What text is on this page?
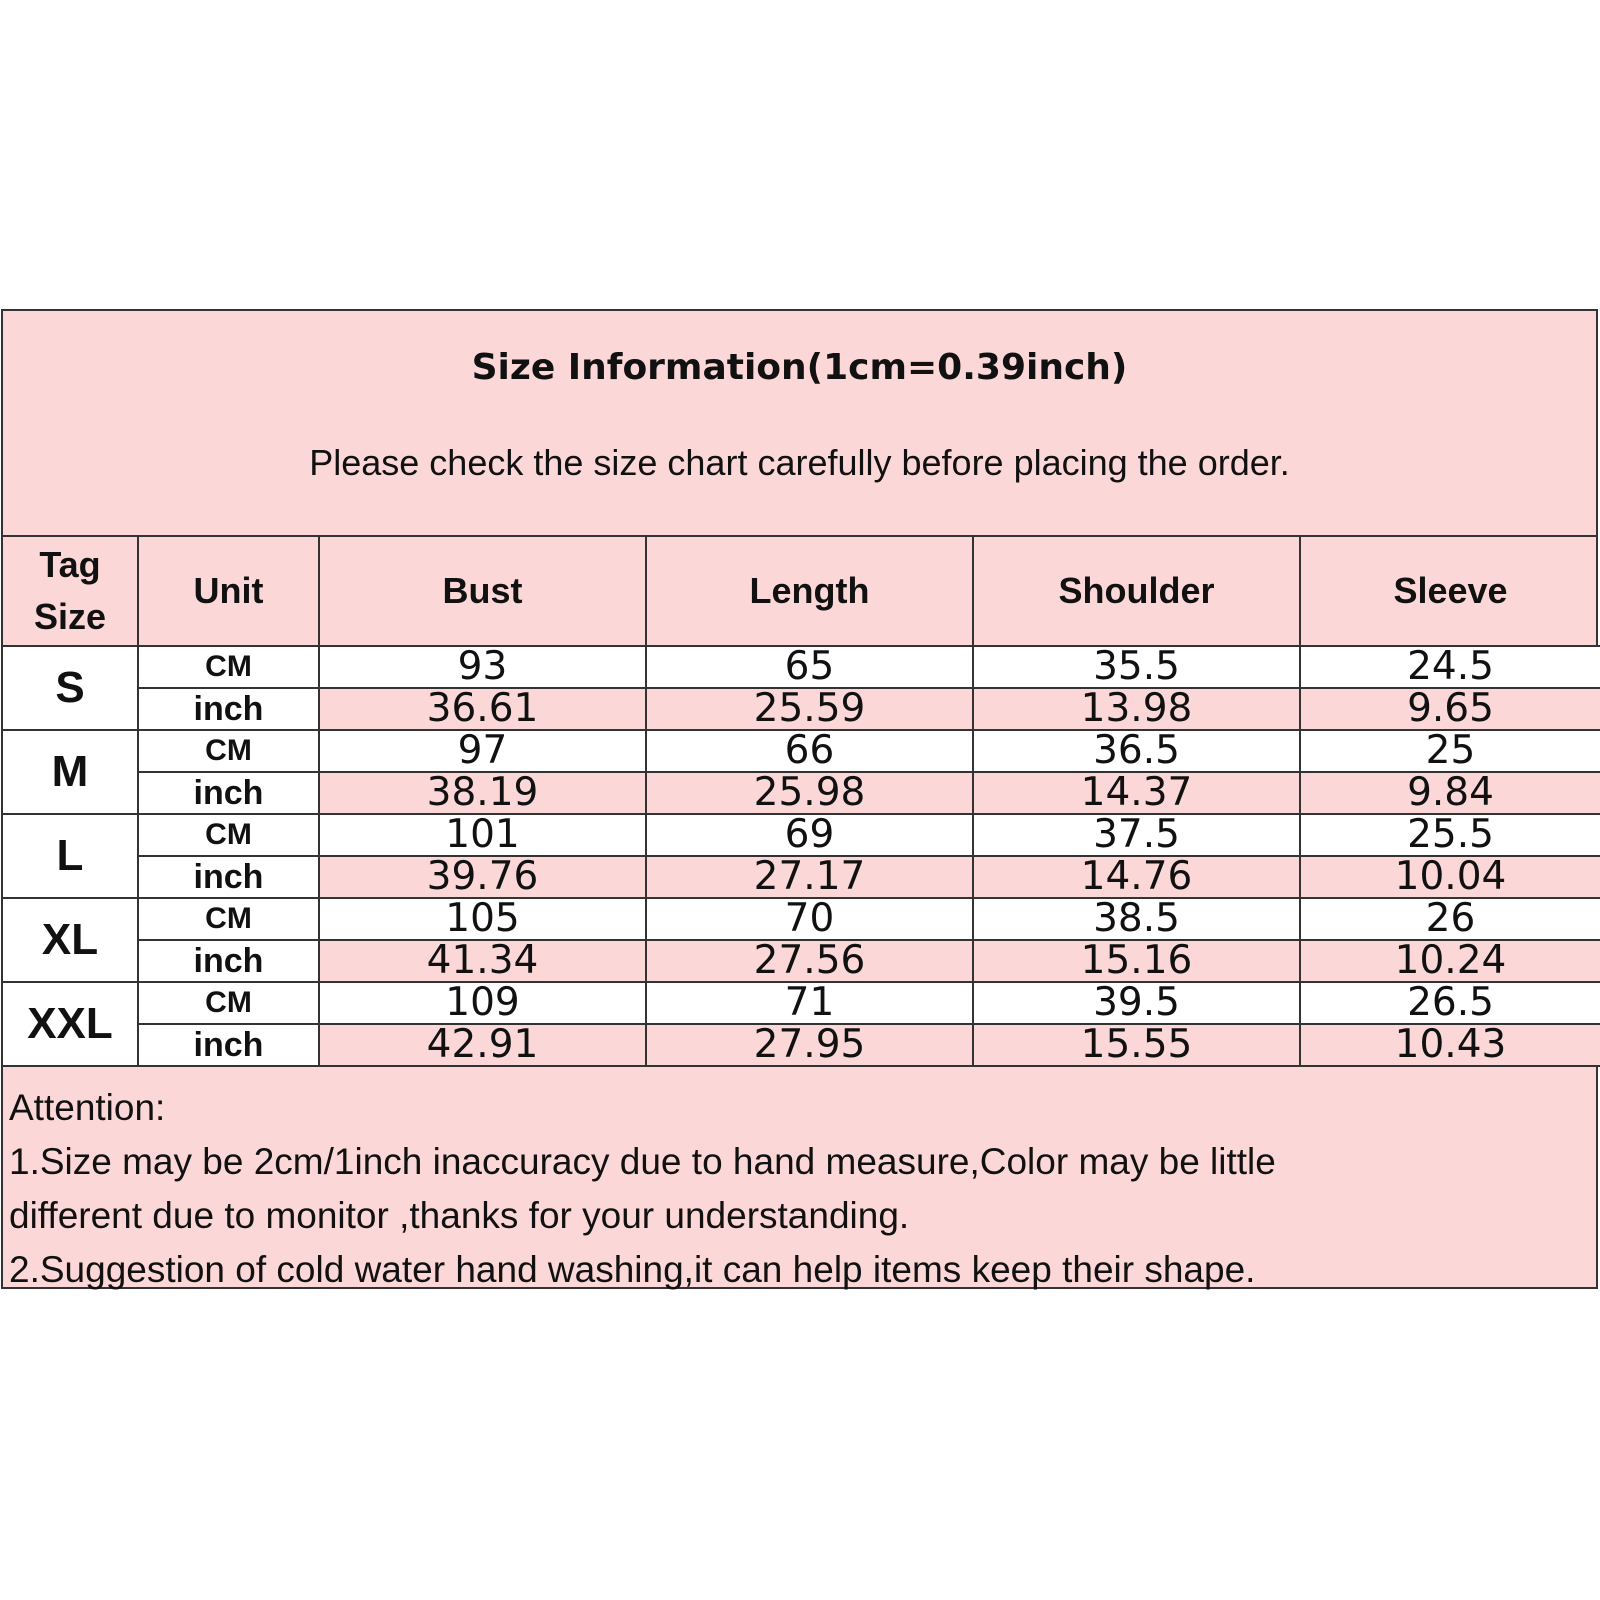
Size Information(1cm=0.39inch)
Please check the size chart carefully before placing the order.
Tag
Size	Unit	Bust	Length	Shoulder	Sleeve
S	CM	93	65	35.5	24.5
	inch	36.61	25.59	13.98	9.65
M	CM	97	66	36.5	25
	inch	38.19	25.98	14.37	9.84
L	CM	101	69	37.5	25.5
	inch	39.76	27.17	14.76	10.04
XL	CM	105	70	38.5	26
	inch	41.34	27.56	15.16	10.24
XXL	CM	109	71	39.5	26.5
	inch	42.91	27.95	15.55	10.43
Attention:
1.Size may be 2cm/1inch inaccuracy due to hand measure,Color may be little
different due to monitor ,thanks for your understanding.
2.Suggestion of cold water hand washing,it can help items keep their shape.
